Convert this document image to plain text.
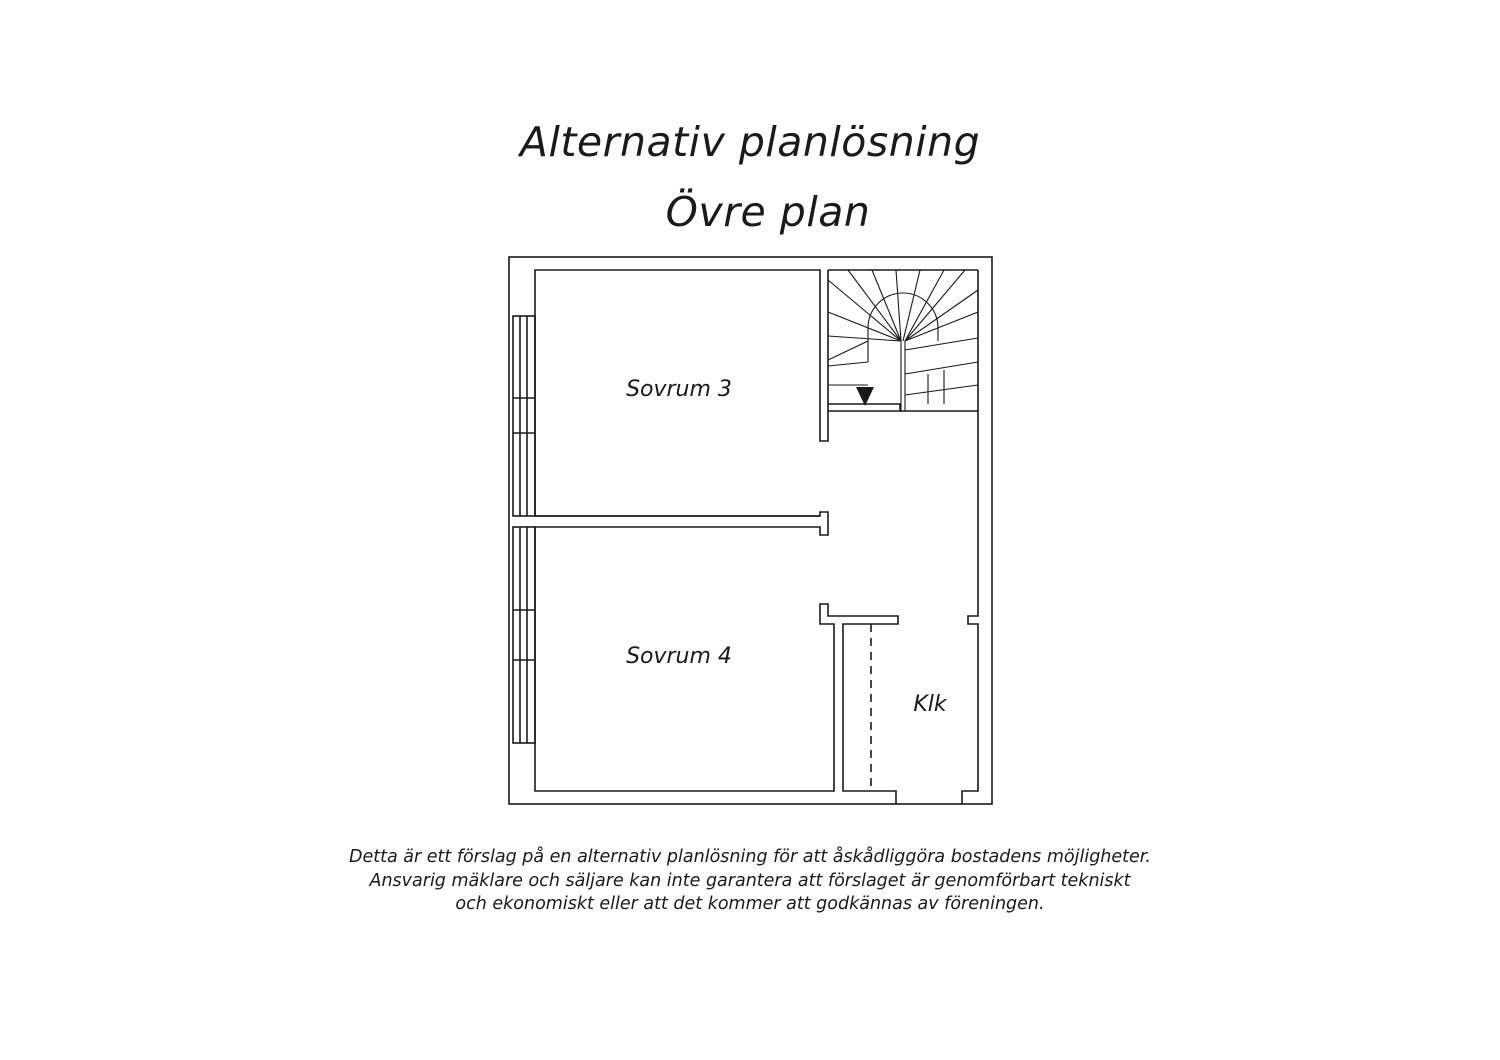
Alternativ planlösning
Övre plan
Sovrum 3
Sovrum 4
Klk
Detta är ett förslag på en alternativ planlösning för att åskådliggöra bostadens möjligheter.
Ansvarig mäklare och säljare kan inte garantera att förslaget är genomförbart tekniskt
och ekonomiskt eller att det kommer att godkännas av föreningen.
